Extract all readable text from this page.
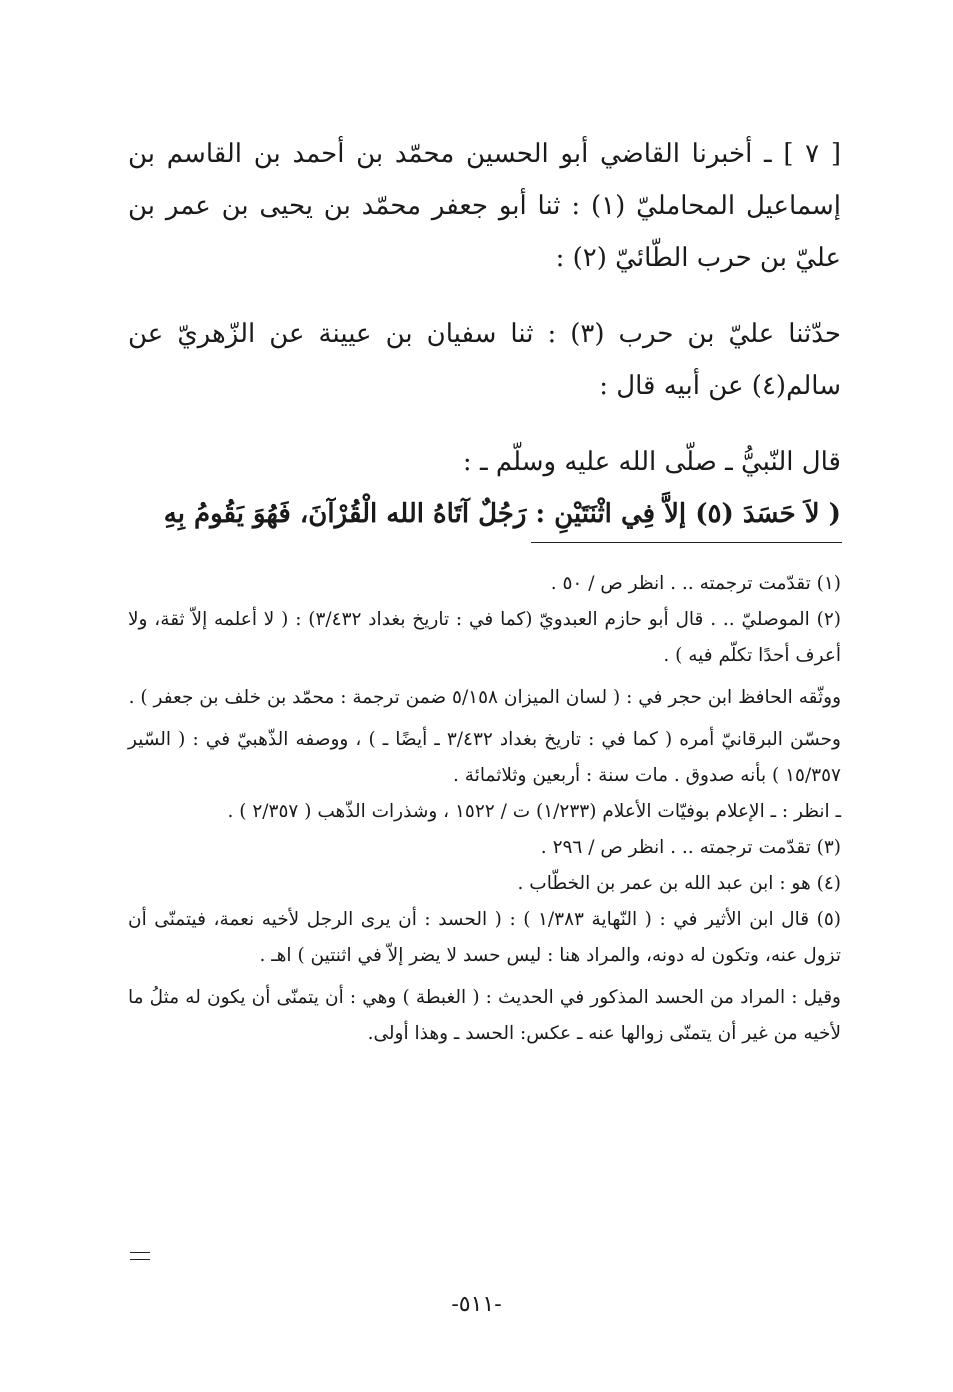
[ ٧ ] ـ أخبرنا القاضي أبو الحسين محمّد بن أحمد بن القاسم بن إسماعيل المحامليّ (١) : ثنا أبو جعفر محمّد بن يحيى بن عمر بن عليّ بن حرب الطّائيّ (٢) :

حدّثنا عليّ بن حرب (٣) : ثنا سفيان بن عيينة عن الزّهريّ عن سالم(٤) عن أبيه قال :

قال النّبيُّ ـ صلّى الله عليه وسلّم ـ :

( لاَ حَسَدَ (٥) إلاَّ فِي اثْنَتَيْنِ : رَجُلٌ آتَاهُ الله الْقُرْآنَ، فَهُوَ يَقُومُ بِهِ

(١) تقدّمت ترجمته .. . انظر ص / ٥٠ .

(٢) الموصليّ .. . قال أبو حازم العبدويّ (كما في : تاريخ بغداد ٣/٤٣٢) : ( لا أعلمه إلاّ ثقة، ولا أعرف أحدًا تكلّم فيه ) .

ووثّقه الحافظ ابن حجر في : ( لسان الميزان ٥/١٥٨ ضمن ترجمة : محمّد بن خلف بن جعفر ) .

وحسّن البرقانيّ أمره ( كما في : تاريخ بغداد ٣/٤٣٢ ـ أيضًا ـ ) ، ووصفه الذّهبيّ في : ( السّير ١٥/٣٥٧ ) بأنه صدوق . مات سنة : أربعين وثلاثمائة .

ـ انظر : ـ الإعلام بوفيّات الأعلام (١/٢٣٣) ت / ١٥٢٢ ، وشذرات الذّهب ( ٢/٣٥٧ ) .

(٣) تقدّمت ترجمته .. . انظر ص / ٢٩٦ .

(٤) هو : ابن عبد الله بن عمر بن الخطّاب .

(٥) قال ابن الأثير في : ( النّهاية ١/٣٨٣ ) : ( الحسد : أن يرى الرجل لأخيه نعمة، فيتمنّى أن تزول عنه، وتكون له دونه، والمراد هنا : ليس حسد لا يضر إلاّ في اثنتين ) اهـ .

وقيل : المراد من الحسد المذكور في الحديث : ( الغبطة ) وهي : أن يتمنّى أن يكون له مثلُ ما لأخيه من غير أن يتمنّى زوالها عنه ـ عكس: الحسد ـ وهذا أولى.

-٥١١-
